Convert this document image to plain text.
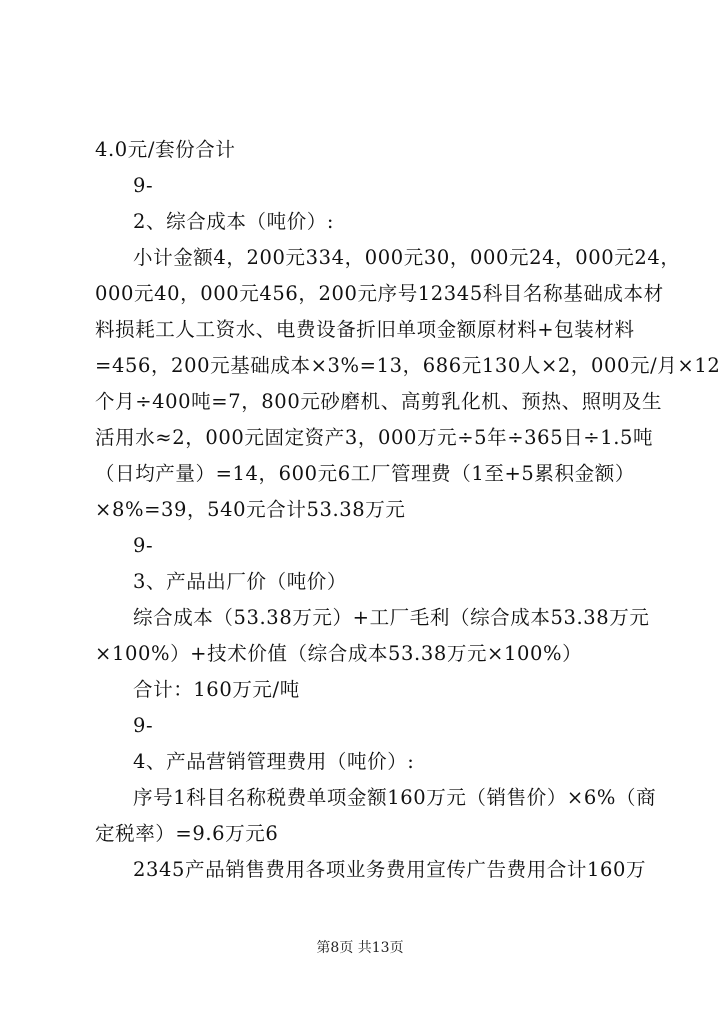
4.0元/套份合计
9-
2、综合成本（吨价）:
小计金额4，200元334，000元30，000元24，000元24，
000元40，000元456，200元序号12345科目名称基础成本材
料损耗工人工资水、电费设备折旧单项金额原材料+包装材料
=456，200元基础成本×3%=13，686元130人×2，000元/月×12
个月÷400吨=7，800元砂磨机、高剪乳化机、预热、照明及生
活用水≈2，000元固定资产3，000万元÷5年÷365日÷1.5吨
（日均产量）=14，600元6工厂管理费（1至+5累积金额）
×8%=39，540元合计53.38万元
9-
3、产品出厂价（吨价）
综合成本（53.38万元）+工厂毛利（综合成本53.38万元
×100%）+技术价值（综合成本53.38万元×100%）
合计：160万元/吨
9-
4、产品营销管理费用（吨价）:
序号1科目名称税费单项金额160万元（销售价）×6%（商
定税率）=9.6万元6
2345产品销售费用各项业务费用宣传广告费用合计160万
第8页 共13页
